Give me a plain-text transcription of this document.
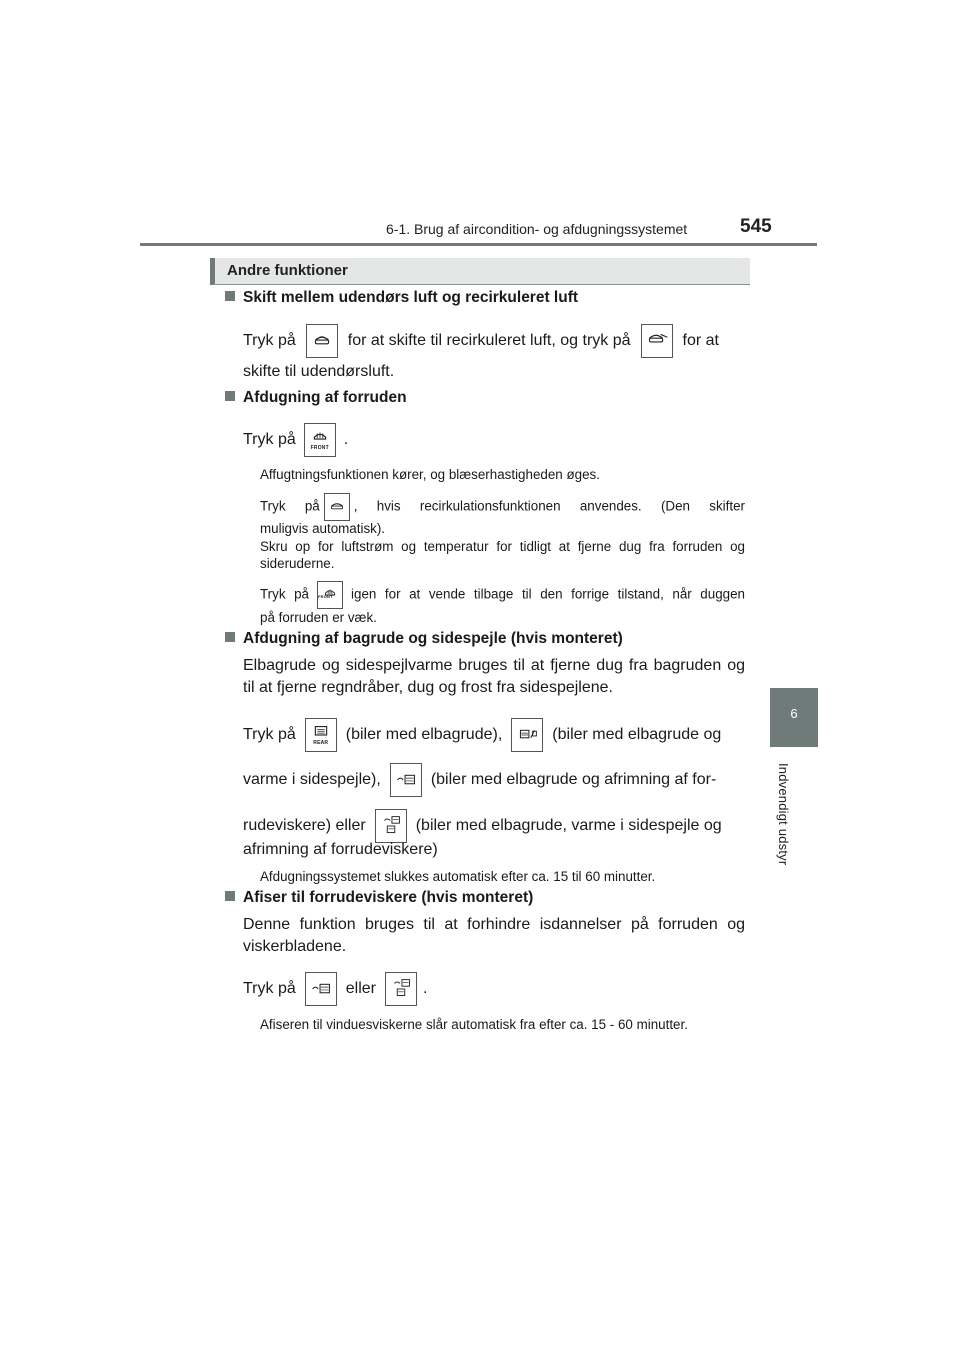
6-1. Brug af aircondition- og afdugningssystemet	545
6
Indvendigt udstyr
Andre funktioner
Skift mellem udendørs luft og recirkuleret luft
Tryk på	for at skifte til recirkuleret luft, og tryk på	for at
skifte til udendørsluft.
Afdugning af forruden
Tryk på	FRONT .
Affugtningsfunktionen kører, og blæserhastigheden øges.
Tryk på	, hvis recirkulationsfunktionen anvendes. (Den skifter
muligvis automatisk).
Skru op for luftstrøm og temperatur for tidligt at fjerne dug fra forruden og sideruderne.
Tryk på FRONT	igen for at vende tilbage til den forrige tilstand, når duggen
på forruden er væk.
Afdugning af bagrude og sidespejle (hvis monteret)
Elbagrude og sidespejlvarme bruges til at fjerne dug fra bagruden og til at fjerne regndråber, dug og frost fra sidespejlene.
Tryk på	REAR	(biler med elbagrude),	(biler med elbagrude og
varme i sidespejle),	(biler med elbagrude og afrimning af for-
rudeviskere) eller	(biler med elbagrude, varme i sidespejle og
afrimning af forrudeviskere)
Afdugningssystemet slukkes automatisk efter ca. 15 til 60 minutter.
Afiser til forrudeviskere (hvis monteret)
Denne funktion bruges til at forhindre isdannelser på forruden og viskerbladene.
Tryk på	eller	.
Afiseren til vinduesviskerne slår automatisk fra efter ca. 15 - 60 minutter.
